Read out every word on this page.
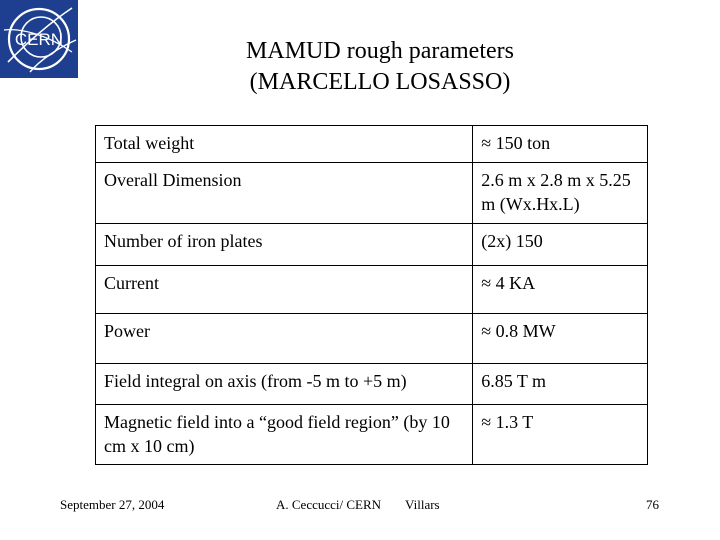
CERN	MAMUD rough parameters
(MARCELLO LOSASSO)
Total weight	≈ 150 ton
Overall Dimension	2.6 m x 2.8 m x 5.25 m (Wx.Hx.L)
Number of iron plates	(2x) 150
Current	≈ 4 KA
Power	≈ 0.8 MW
Field integral on axis (from -5 m to +5 m)	6.85 T m
Magnetic field into a “good field region” (by 10 cm x 10 cm)	≈ 1.3 T
September 27, 2004	A. Ceccucci/ CERN Villars	76
